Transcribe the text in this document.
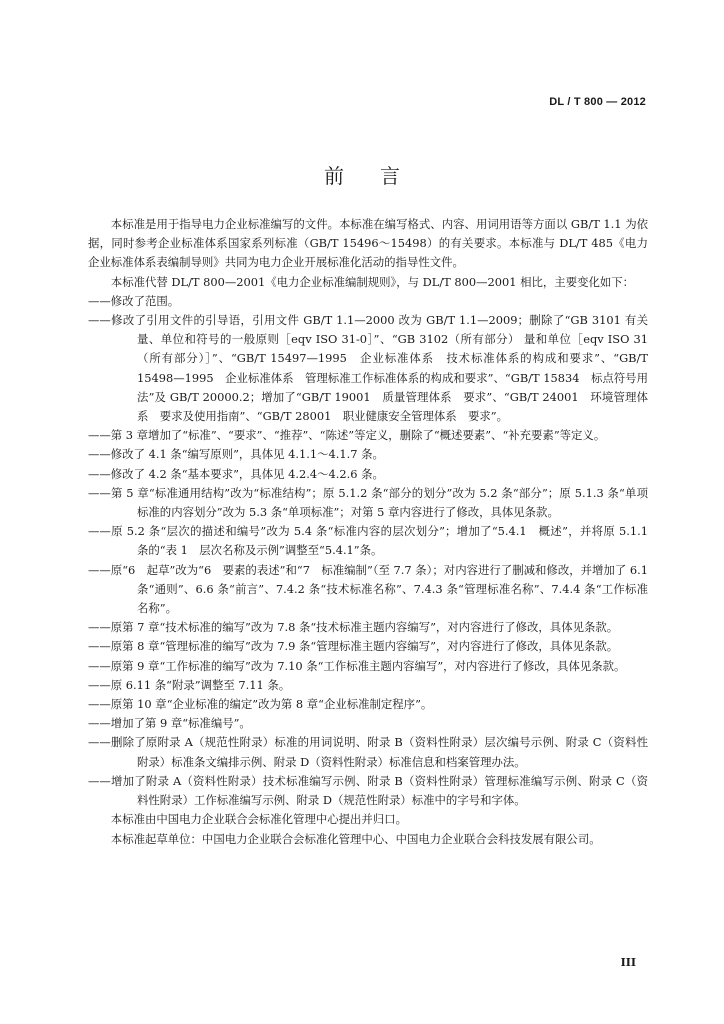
DL / T 800 — 2012
前言

本标准是用于指导电力企业标准编写的文件。本标准在编写格式、内容、用词用语等方面以 GB/T 1.1 为依据，同时参考企业标准体系国家系列标准（GB/T 15496～15498）的有关要求。本标准与 DL/T 485《电力企业标准体系表编制导则》共同为电力企业开展标准化活动的指导性文件。

本标准代替 DL/T 800—2001《电力企业标准编制规则》，与 DL/T 800—2001 相比，主要变化如下：

——修改了范围。

——修改了引用文件的引导语，引用文件 GB/T 1.1—2000 改为 GB/T 1.1—2009；删除了“GB 3101 有关量、单位和符号的一般原则［eqv ISO 31-0］”、“GB 3102（所有部分） 量和单位［eqv ISO 31（所有部分）］”、“GB/T 15497—1995　企业标准体系　技术标准体系的构成和要求”、“GB/T 15498—1995　企业标准体系　管理标准工作标准体系的构成和要求”、“GB/T 15834　标点符号用法”及 GB/T 20000.2；增加了“GB/T 19001　质量管理体系　要求”、“GB/T 24001　环境管理体系　要求及使用指南”、“GB/T 28001　职业健康安全管理体系　要求”。

——第 3 章增加了“标准”、“要求”、“推荐”、“陈述”等定义，删除了“概述要素”、“补充要素”等定义。

——修改了 4.1 条“编写原则”，具体见 4.1.1～4.1.7 条。

——修改了 4.2 条“基本要求”，具体见 4.2.4～4.2.6 条。

——第 5 章“标准通用结构”改为“标准结构”；原 5.1.2 条“部分的划分”改为 5.2 条“部分”；原 5.1.3 条“单项标准的内容划分”改为 5.3 条“单项标准”；对第 5 章内容进行了修改，具体见条款。

——原 5.2 条“层次的描述和编号”改为 5.4 条“标准内容的层次划分”；增加了“5.4.1　概述”，并将原 5.1.1 条的“表 1　层次名称及示例”调整至“5.4.1”条。

——原“6　起草”改为“6　要素的表述”和“7　标准编制”（至 7.7 条）；对内容进行了删减和修改，并增加了 6.1 条“通则”、6.6 条“前言”、7.4.2 条“技术标准名称”、7.4.3 条“管理标准名称”、7.4.4 条“工作标准名称”。

——原第 7 章“技术标准的编写”改为 7.8 条“技术标准主题内容编写”，对内容进行了修改，具体见条款。

——原第 8 章“管理标准的编写”改为 7.9 条“管理标准主题内容编写”，对内容进行了修改，具体见条款。

——原第 9 章“工作标准的编写”改为 7.10 条“工作标准主题内容编写”，对内容进行了修改，具体见条款。

——原 6.11 条“附录”调整至 7.11 条。

——原第 10 章“企业标准的编定”改为第 8 章“企业标准制定程序”。

——增加了第 9 章“标准编号”。

——删除了原附录 A（规范性附录）标准的用词说明、附录 B（资料性附录）层次编号示例、附录 C（资料性附录）标准条文编排示例、附录 D（资料性附录）标准信息和档案管理办法。

——增加了附录 A（资料性附录）技术标准编写示例、附录 B（资料性附录）管理标准编写示例、附录 C（资料性附录）工作标准编写示例、附录 D（规范性附录）标准中的字号和字体。

本标准由中国电力企业联合会标准化管理中心提出并归口。

本标准起草单位：中国电力企业联合会标准化管理中心、中国电力企业联合会科技发展有限公司。

III
